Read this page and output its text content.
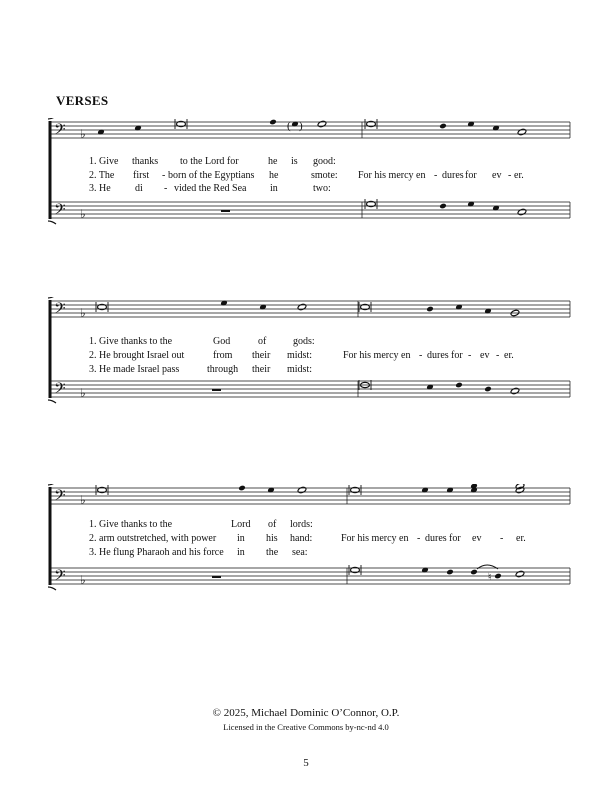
VERSES
𝄢 ♭
𝄢 ♭
( )
1. Give thanks to the Lord for	he is good:
2. The first - born of the Egyptians he	smote:
3. He di - vided the Red Sea in	two:
For his mercy en - dures for ev - er.
𝄢 ♭
𝄢 ♭
1. Give thanks to the	God	of	gods:
2. He brought Israel out	from their midst:
3. He made Israel pass	through their midst:
For his mercy en - dures for - ev - er.
𝄢 ♭
𝄢 ♭	♮
1. Give thanks to the	Lord of lords:
2. arm outstretched, with power in his hand:
3. He flung Pharaoh and his force in the sea:
For his mercy en - dures for ev - er.
© 2025, Michael Dominic O’Connor, O.P.
Licensed in the Creative Commons by-nc-nd 4.0
5
